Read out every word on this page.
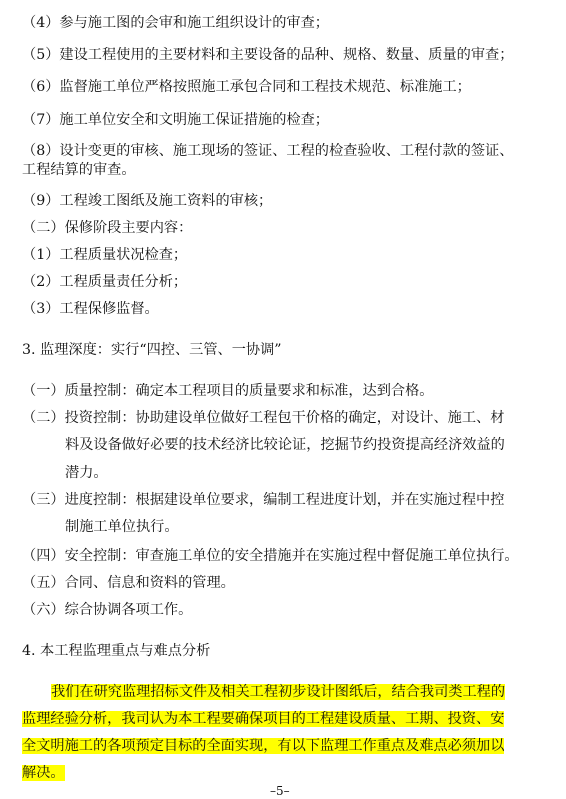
（4）参与施工图的会审和施工组织设计的审查；
（5）建设工程使用的主要材料和主要设备的品种、规格、数量、质量的审查；
（6）监督施工单位严格按照施工承包合同和工程技术规范、标准施工；
（7）施工单位安全和文明施工保证措施的检查；
（8）设计变更的审核、施工现场的签证、工程的检查验收、工程付款的签证、
工程结算的审查。
（9）工程竣工图纸及施工资料的审核；
（二）保修阶段主要内容：
（1）工程质量状况检查；
（2）工程质量责任分析；
（3）工程保修监督。
3. 监理深度：实行“四控、三管、一协调”
（一）质量控制：确定本工程项目的质量要求和标准，达到合格。
（二）投资控制：协助建设单位做好工程包干价格的确定，对设计、施工、材
料及设备做好必要的技术经济比较论证，挖掘节约投资提高经济效益的
潜力。
（三）进度控制：根据建设单位要求，编制工程进度计划，并在实施过程中控
制施工单位执行。
（四）安全控制：审查施工单位的安全措施并在实施过程中督促施工单位执行。
（五）合同、信息和资料的管理。
（六）综合协调各项工作。
4. 本工程监理重点与难点分析
我们在研究监理招标文件及相关工程初步设计图纸后，结合我司类工程的
监理经验分析，我司认为本工程要确保项目的工程建设质量、工期、投资、安
全文明施工的各项预定目标的全面实现，有以下监理工作重点及难点必须加以
解决。
–5–
